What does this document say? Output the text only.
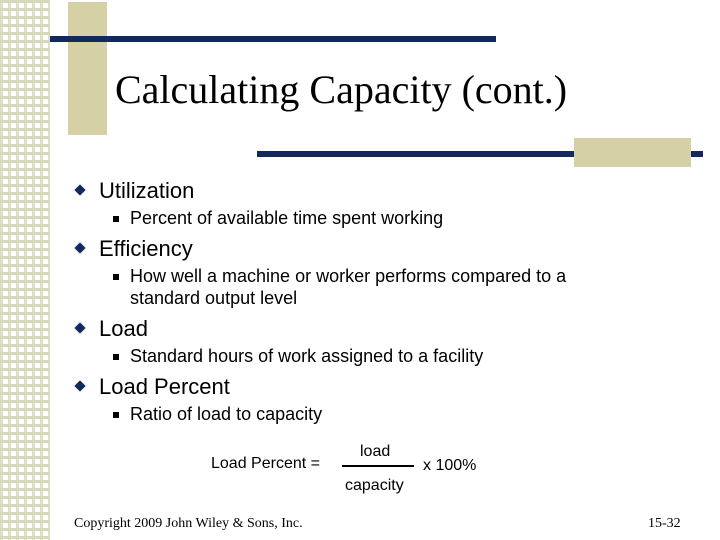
Calculating Capacity (cont.)
Utilization
Percent of available time spent working
Efficiency
How well a machine or worker performs compared to a
standard output level
Load
Standard hours of work assigned to a facility
Load Percent
Ratio of load to capacity
Load Percent =
load
capacity
x 100%
Copyright 2009 John Wiley & Sons, Inc.	15-32
